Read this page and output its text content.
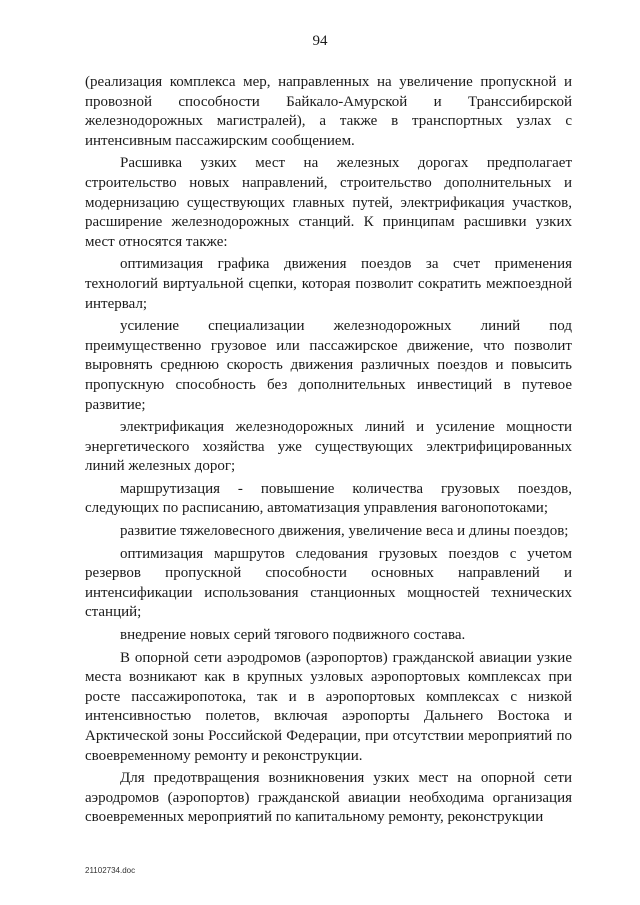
94

(реализация комплекса мер, направленных на увеличение пропускной и провозной способности Байкало-Амурской и Транссибирской железнодорожных магистралей), а также в транспортных узлах с интенсивным пассажирским сообщением.

Расшивка узких мест на железных дорогах предполагает строительство новых направлений, строительство дополнительных и модернизацию существующих главных путей, электрификация участков, расширение железнодорожных станций. К принципам расшивки узких мест относятся также:

оптимизация графика движения поездов за счет применения технологий виртуальной сцепки, которая позволит сократить межпоездной интервал;

усиление специализации железнодорожных линий под преимущественно грузовое или пассажирское движение, что позволит выровнять среднюю скорость движения различных поездов и повысить пропускную способность без дополнительных инвестиций в путевое развитие;

электрификация железнодорожных линий и усиление мощности энергетического хозяйства уже существующих электрифицированных линий железных дорог;

маршрутизация - повышение количества грузовых поездов, следующих по расписанию, автоматизация управления вагонопотоками;

развитие тяжеловесного движения, увеличение веса и длины поездов;

оптимизация маршрутов следования грузовых поездов с учетом резервов пропускной способности основных направлений и интенсификации использования станционных мощностей технических станций;

внедрение новых серий тягового подвижного состава.

В опорной сети аэродромов (аэропортов) гражданской авиации узкие места возникают как в крупных узловых аэропортовых комплексах при росте пассажиропотока, так и в аэропортовых комплексах с низкой интенсивностью полетов, включая аэропорты Дальнего Востока и Арктической зоны Российской Федерации, при отсутствии мероприятий по своевременному ремонту и реконструкции.

Для предотвращения возникновения узких мест на опорной сети аэродромов (аэропортов) гражданской авиации необходима организация своевременных мероприятий по капитальному ремонту, реконструкции

21102734.doc
